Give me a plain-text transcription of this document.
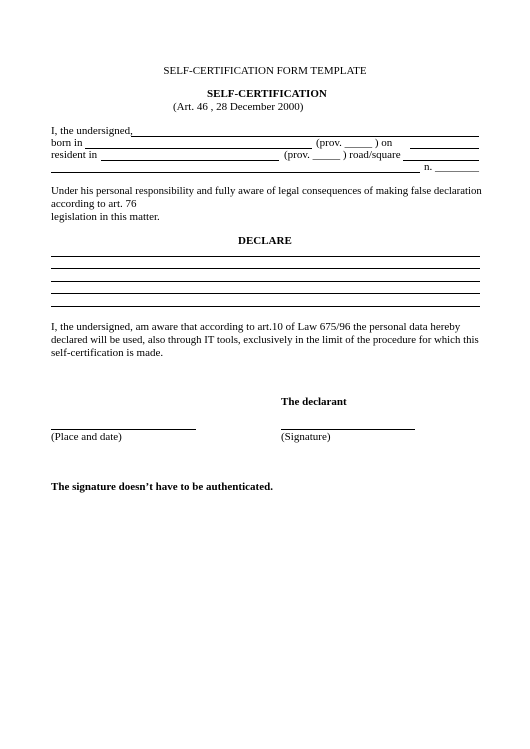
SELF-CERTIFICATION FORM TEMPLATE
SELF-CERTIFICATION
(Art. 46 , 28 December 2000)
I, the undersigned,
born in	(prov. _____ ) on
resident in	(prov. _____ ) road/square
n. ________
Under his personal responsibility and fully aware of legal consequences of making false declaration
according to art. 76
legislation in this matter.
DECLARE
I, the undersigned, am aware that according to art.10 of Law 675/96 the personal data hereby
declared will be used, also through IT tools, exclusively in the limit of the procedure for which this
self-certification is made.
The declarant
(Place and date)	(Signature)
The signature doesn’t have to be authenticated.
